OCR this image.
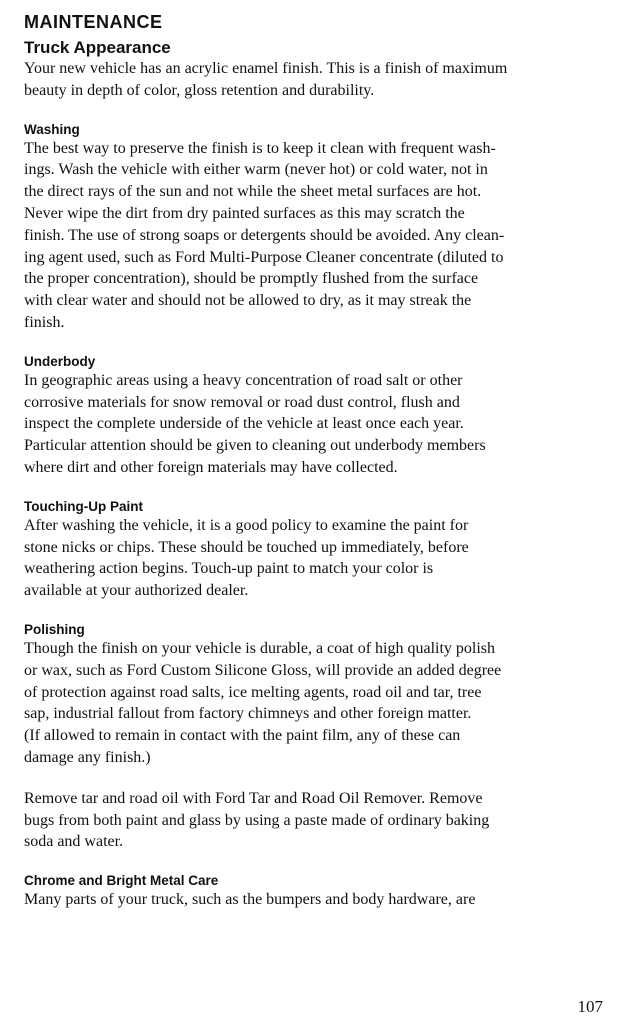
MAINTENANCE
Truck Appearance

Your new vehicle has an acrylic enamel finish. This is a finish of maximum
beauty in depth of color, gloss retention and durability.

Washing

The best way to preserve the finish is to keep it clean with frequent wash-
ings. Wash the vehicle with either warm (never hot) or cold water, not in
the direct rays of the sun and not while the sheet metal surfaces are hot.
Never wipe the dirt from dry painted surfaces as this may scratch the
finish. The use of strong soaps or detergents should be avoided. Any clean-
ing agent used, such as Ford Multi-Purpose Cleaner concentrate (diluted to
the proper concentration), should be promptly flushed from the surface
with clear water and should not be allowed to dry, as it may streak the
finish.

Underbody

In geographic areas using a heavy concentration of road salt or other
corrosive materials for snow removal or road dust control, flush and
inspect the complete underside of the vehicle at least once each year.
Particular attention should be given to cleaning out underbody members
where dirt and other foreign materials may have collected.

Touching-Up Paint

After washing the vehicle, it is a good policy to examine the paint for
stone nicks or chips. These should be touched up immediately, before
weathering action begins. Touch-up paint to match your color is
available at your authorized dealer.

Polishing

Though the finish on your vehicle is durable, a coat of high quality polish
or wax, such as Ford Custom Silicone Gloss, will provide an added degree
of protection against road salts, ice melting agents, road oil and tar, tree
sap, industrial fallout from factory chimneys and other foreign matter.
(If allowed to remain in contact with the paint film, any of these can
damage any finish.)

Remove tar and road oil with Ford Tar and Road Oil Remover. Remove
bugs from both paint and glass by using a paste made of ordinary baking
soda and water.

Chrome and Bright Metal Care

Many parts of your truck, such as the bumpers and body hardware, are

107
